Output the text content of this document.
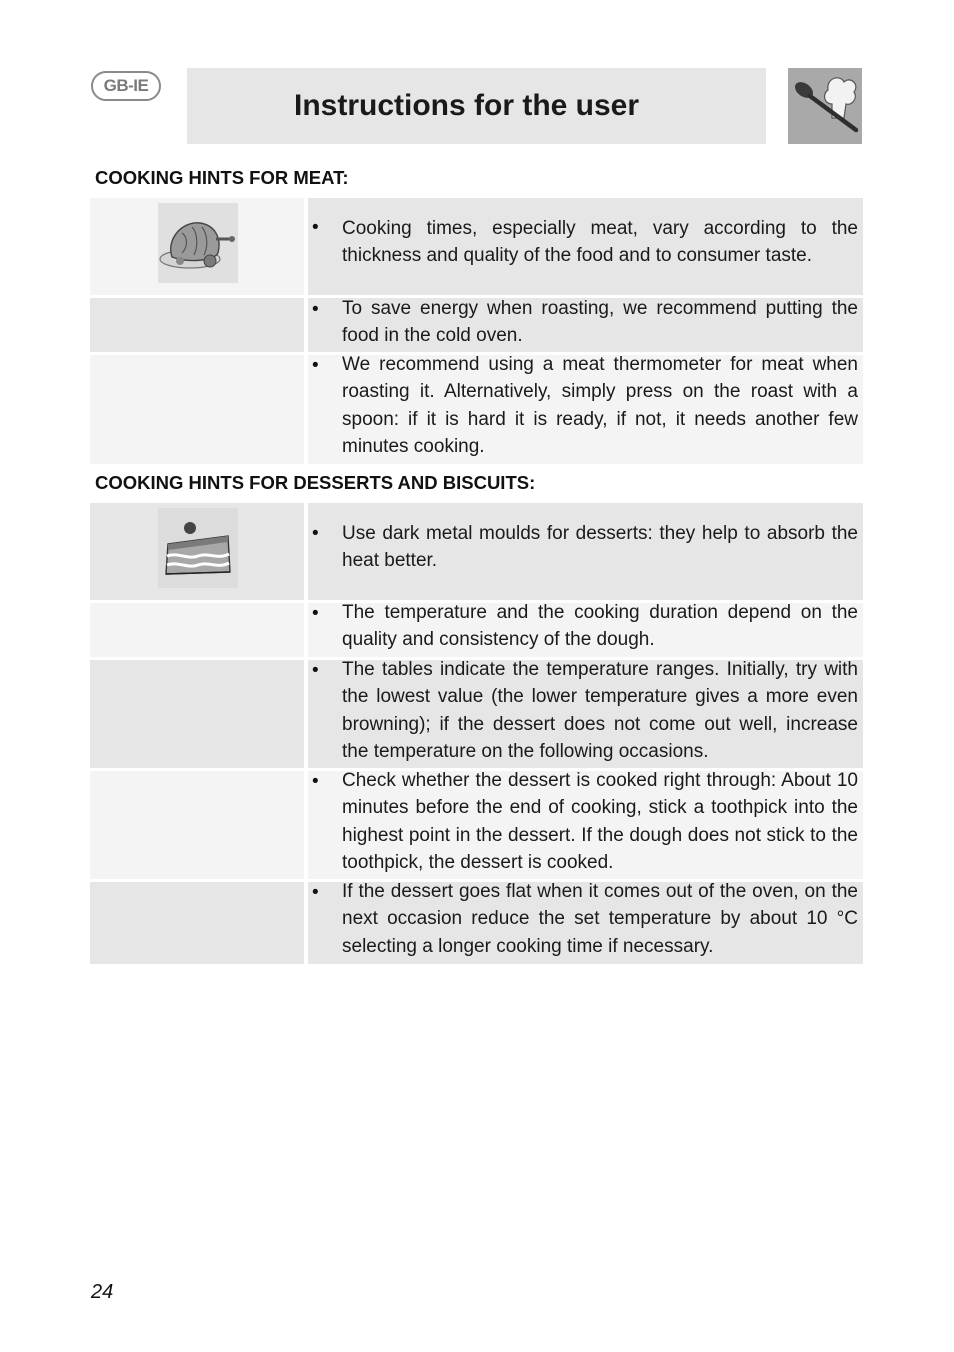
GB-IE
Instructions for the user
COOKING HINTS FOR MEAT:
• Cooking times, especially meat, vary according to the thickness and quality of the food and to consumer taste.

• To save energy when roasting, we recommend putting the food in the cold oven.

• We recommend using a meat thermometer for meat when roasting it. Alternatively, simply press on the roast with a spoon: if it is hard it is ready, if not, it needs another few minutes cooking.

COOKING HINTS FOR DESSERTS AND BISCUITS:
• Use dark metal moulds for desserts: they help to absorb the heat better.

• The temperature and the cooking duration depend on the quality and consistency of the dough.

• The tables indicate the temperature ranges. Initially, try with the lowest value (the lower temperature gives a more even browning); if the dessert does not come out well, increase the temperature on the following occasions.

• Check whether the dessert is cooked right through: About 10 minutes before the end of cooking, stick a toothpick into the highest point in the dessert. If the dough does not stick to the toothpick, the dessert is cooked.

• If the dessert goes flat when it comes out of the oven, on the next occasion reduce the set temperature by about 10 °C selecting a longer cooking time if necessary.

24
